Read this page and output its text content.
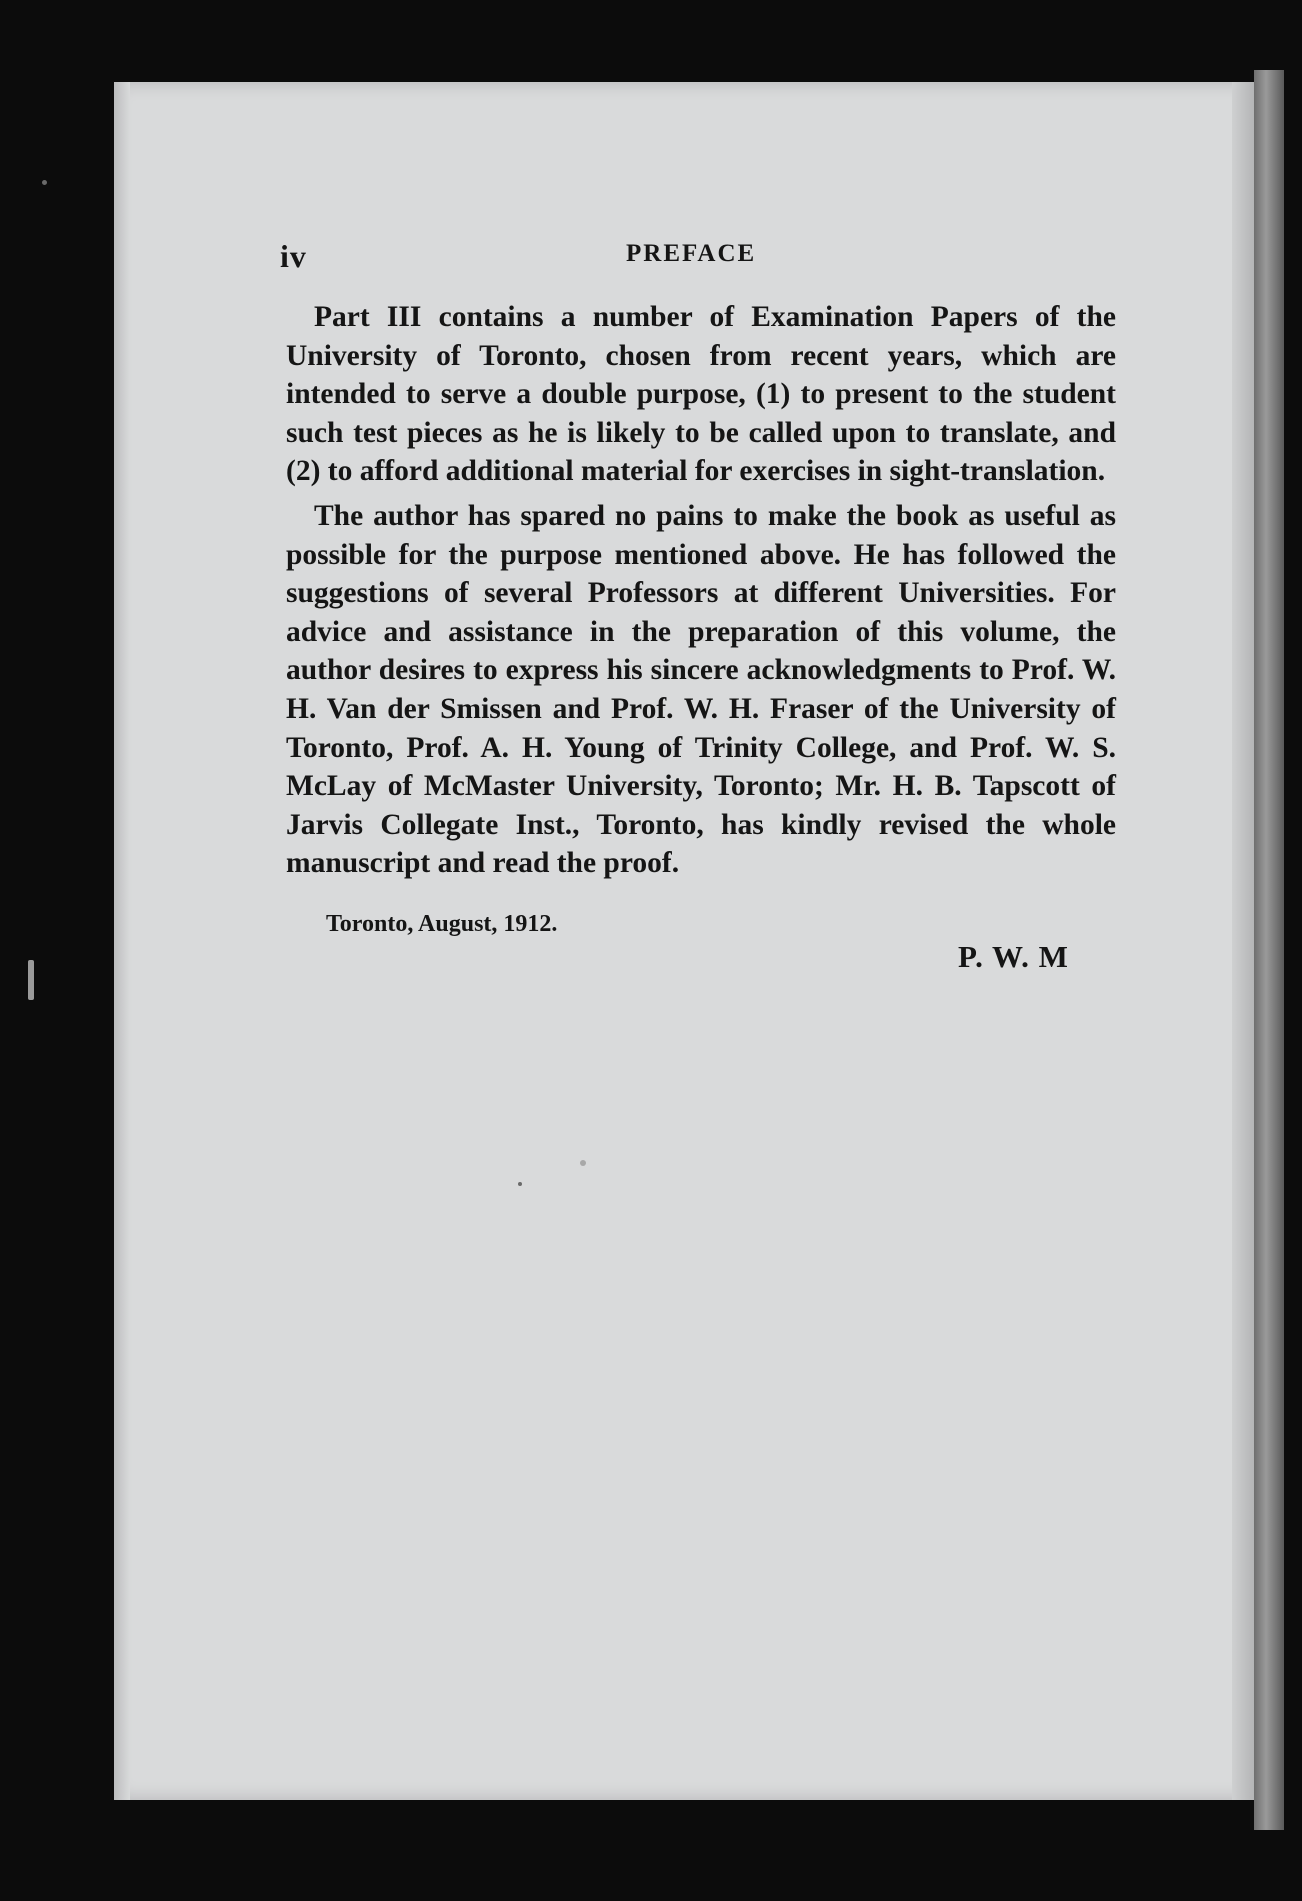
iv	PREFACE

Part III contains a number of Examination Papers of the University of Toronto, chosen from recent years, which are intended to serve a double purpose, (1) to present to the student such test pieces as he is likely to be called upon to translate, and (2) to afford additional material for exercises in sight-translation.

The author has spared no pains to make the book as useful as possible for the purpose mentioned above. He has followed the suggestions of several Professors at different Universities. For advice and assistance in the preparation of this volume, the author desires to express his sincere acknowledgments to Prof. W. H. Van der Smissen and Prof. W. H. Fraser of the University of Toronto, Prof. A. H. Young of Trinity College, and Prof. W. S. McLay of McMaster University, Toronto; Mr. H. B. Tapscott of Jarvis Collegate Inst., Toronto, has kindly revised the whole manuscript and read the proof.

Toronto, August, 1912.
P. W. M
